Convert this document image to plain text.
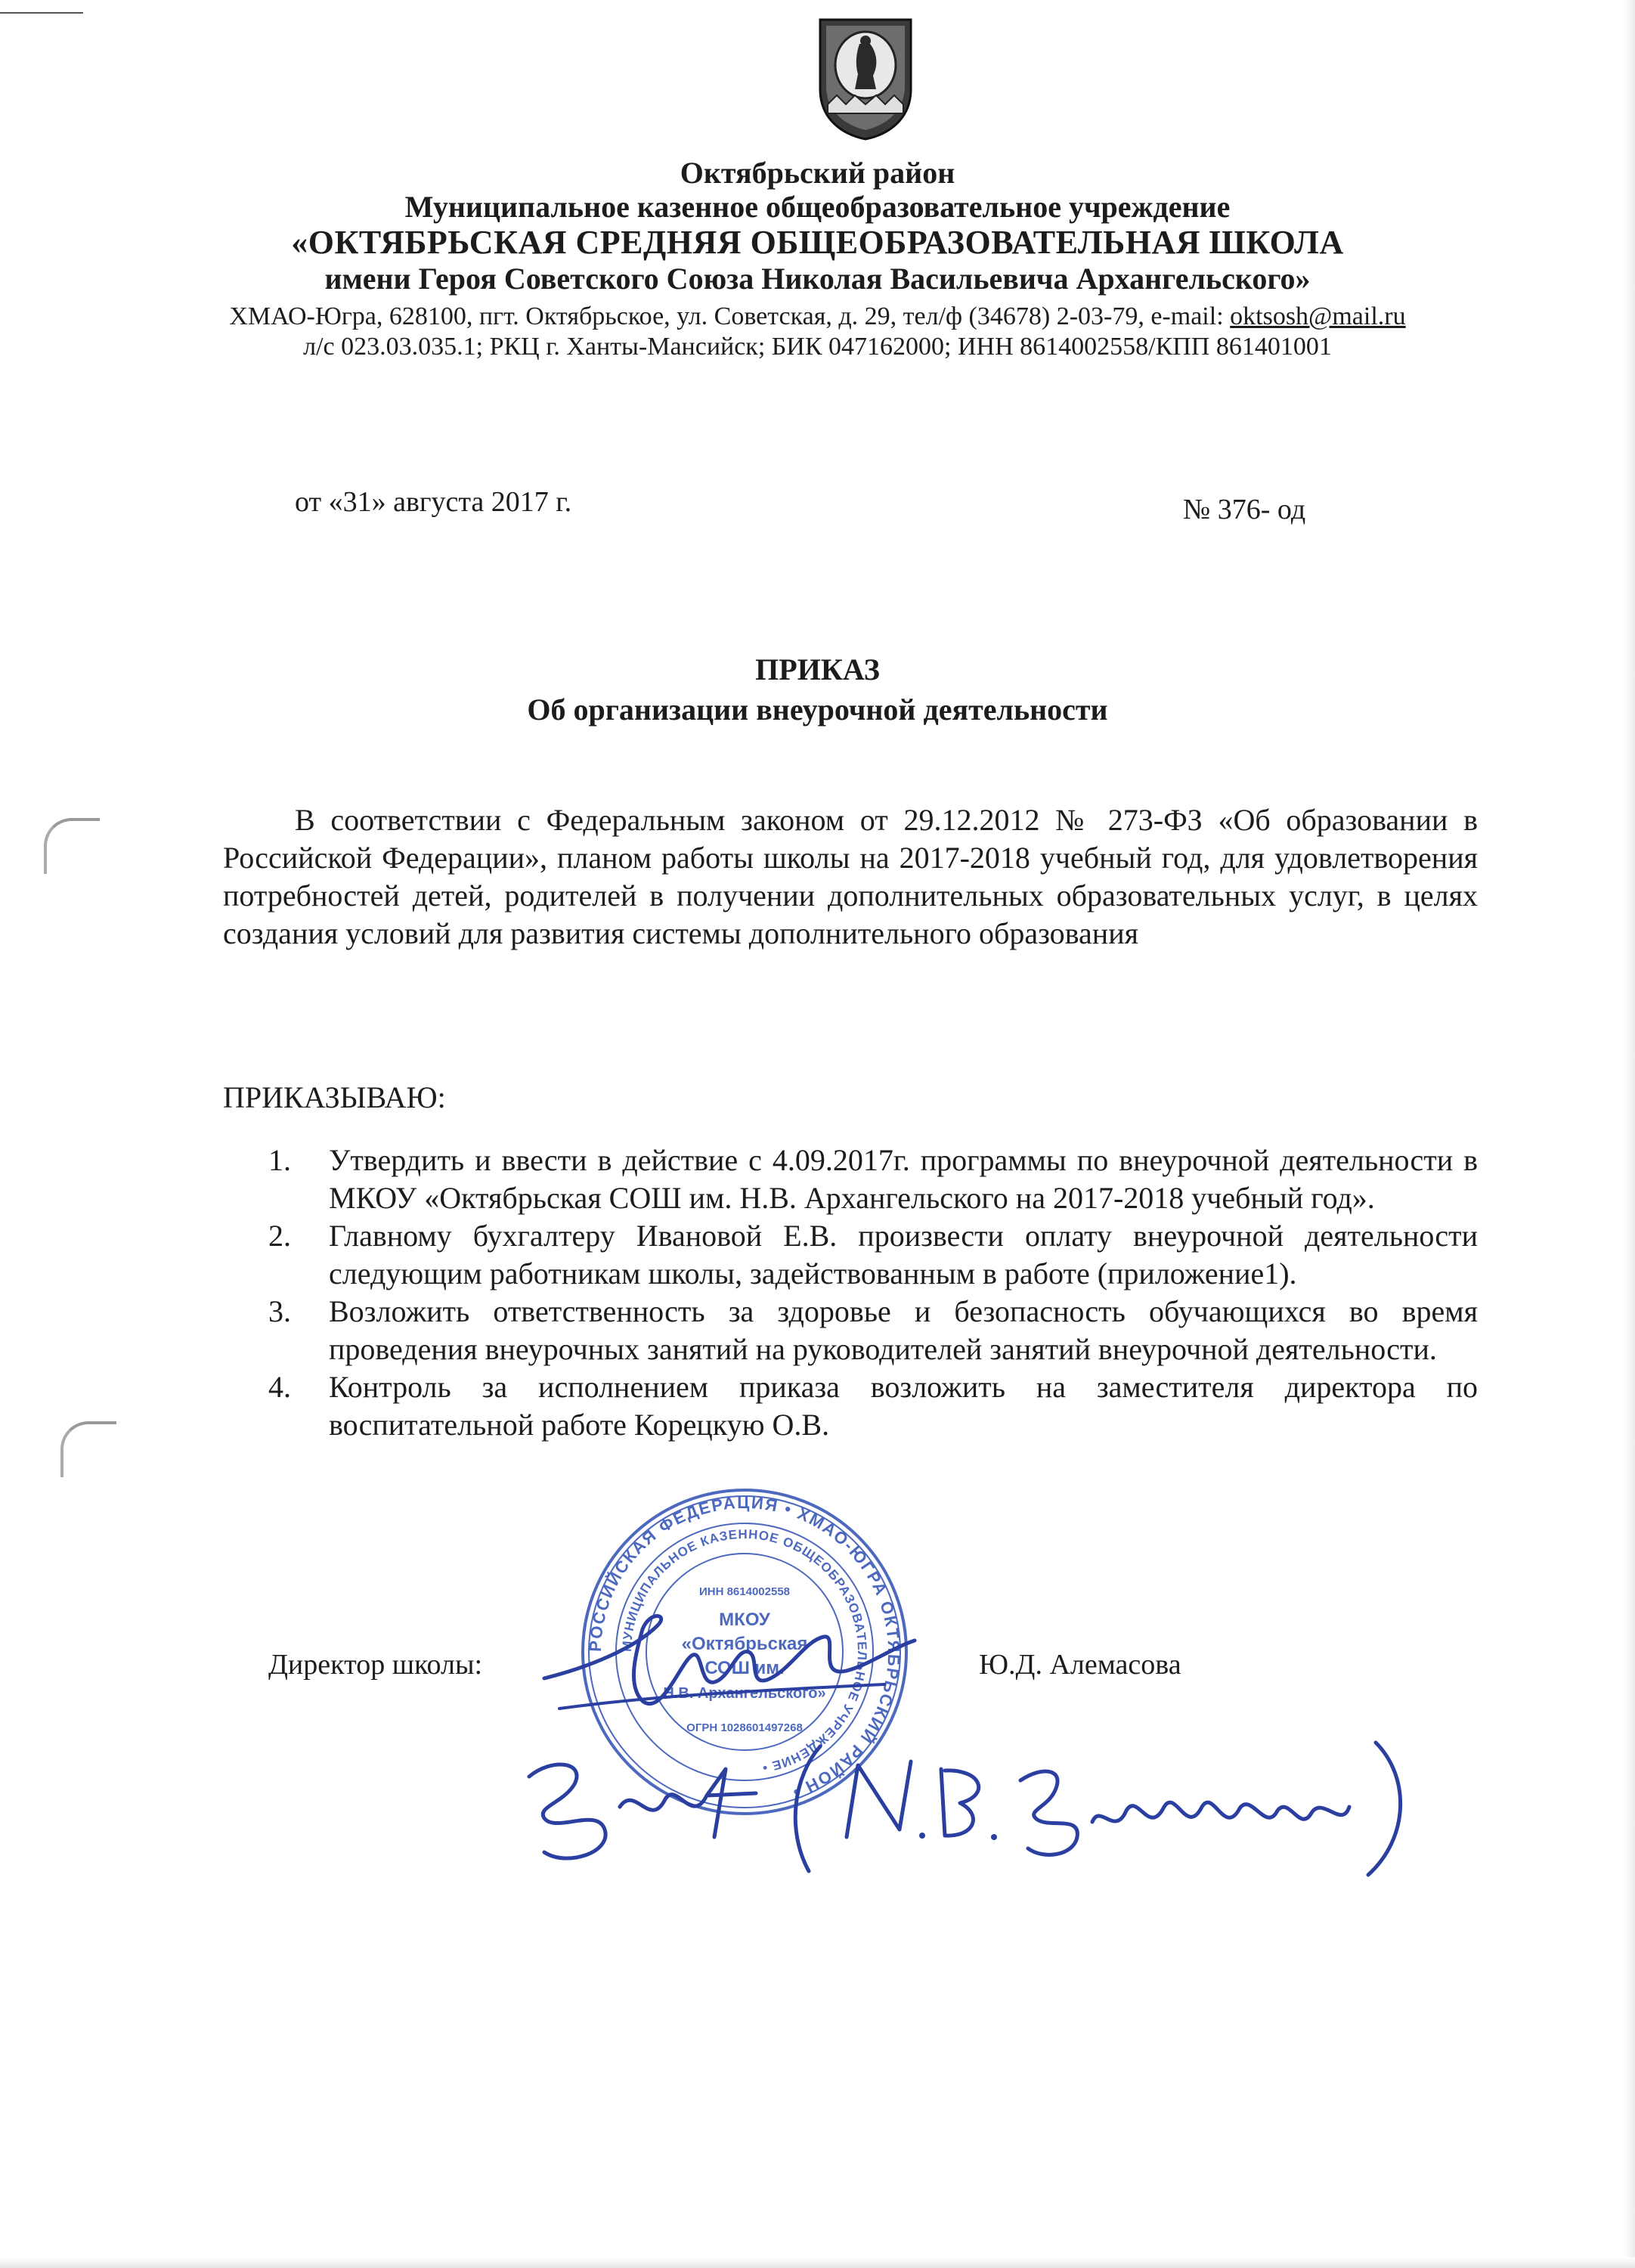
Октябрьский район
Муниципальное казенное общеобразовательное учреждение
«ОКТЯБРЬСКАЯ СРЕДНЯЯ ОБЩЕОБРАЗОВАТЕЛЬНАЯ ШКОЛА
имени Героя Советского Союза Николая Васильевича Архангельского»
ХМАО-Югра, 628100, пгт. Октябрьское, ул. Советская, д. 29, тел/ф (34678) 2-03-79, e-mail: oktsosh@mail.ru
л/с 023.03.035.1; РКЦ г. Ханты-Мансийск; БИК 047162000; ИНН 8614002558/КПП 861401001
от «31» августа 2017 г.	№ 376- од
ПРИКАЗ
Об организации внеурочной деятельности
В соответствии с Федеральным законом от 29.12.2012 № 273-ФЗ «Об образовании в Российской Федерации», планом работы школы на 2017-2018 учебный год, для удовлетворения потребностей детей, родителей в получении дополнительных образовательных услуг, в целях создания условий для развития системы дополнительного образования
ПРИКАЗЫВАЮ:
1. Утвердить и ввести в действие с 4.09.2017г. программы по внеурочной деятельности в МКОУ «Октябрьская СОШ им. Н.В. Архангельского на 2017-2018 учебный год».
2. Главному бухгалтеру Ивановой Е.В. произвести оплату внеурочной деятельности следующим работникам школы, задействованным в работе (приложение1).
3. Возложить ответственность за здоровье и безопасность обучающихся во время проведения внеурочных занятий на руководителей занятий внеурочной деятельности.
4. Контроль за исполнением приказа возложить на заместителя директора по воспитательной работе Корецкую О.В.
Директор школы:	Ю.Д. Алемасова
РОССИЙСКАЯ ФЕДЕРАЦИЯ • ХМАО-ЮГРА ОКТЯБРЬСКИЙ РАЙОН •
МУНИЦИПАЛЬНОЕ КАЗЕННОЕ ОБЩЕОБРАЗОВАТЕЛЬНОЕ УЧРЕЖДЕНИЕ •
ИНН 8614002558
МКОУ
«Октябрьская
СОШ им.
Н.В. Архангельского»
ОГРН 1028601497268
